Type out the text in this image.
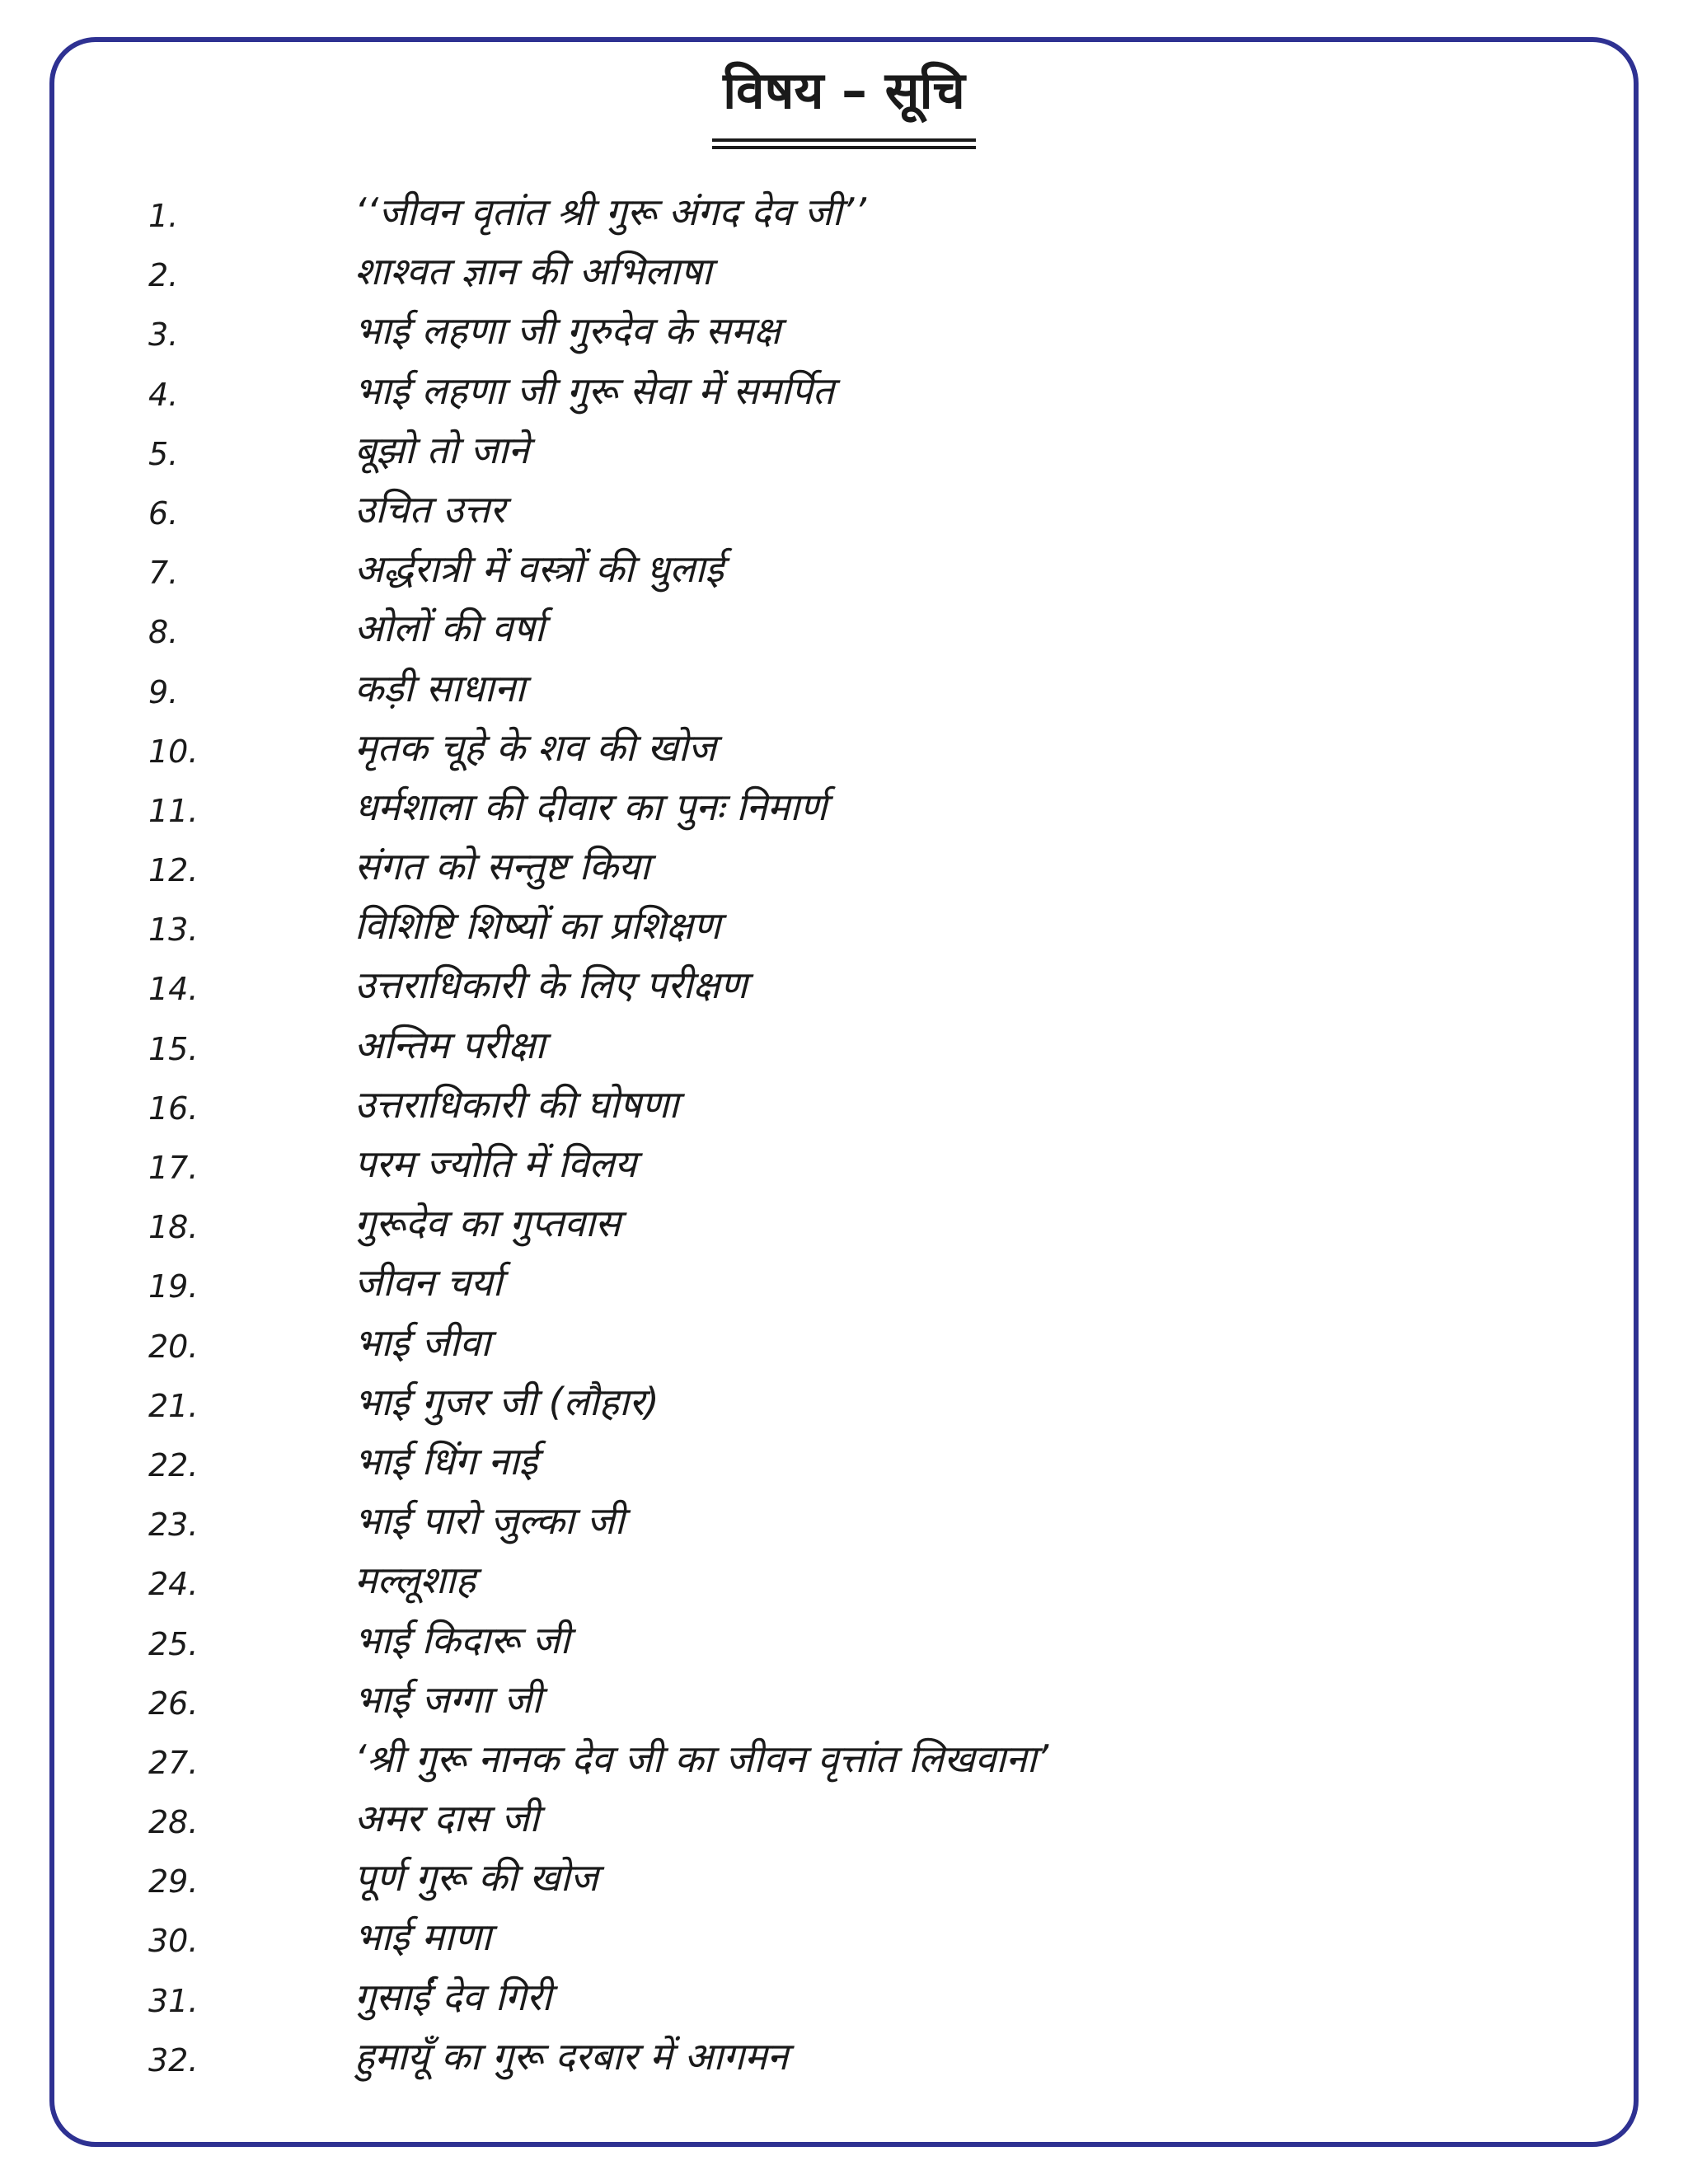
विषय – सूचि
1.	‘‘जीवन वृतांत श्री गुरू अंगद देव जी’’
2.	शाश्वत ज्ञान की अभिलाषा
3.	भाई लहणा जी गुरुदेव के समक्ष
4.	भाई लहणा जी गुरू सेवा में समर्पित
5.	बूझो तो जाने
6.	उचित उत्तर
7.	अर्द्धरात्री में वस्त्रों की धुलाई
8.	ओलों की वर्षा
9.	कड़ी साधाना
10.	मृतक चूहे के शव की खोज
11.	धर्मशाला की दीवार का पुनः निमार्ण
12.	संगत को सन्तुष्ट किया
13.	विशिष्टि शिष्यों का प्रशिक्षण
14.	उत्तराधिकारी के लिए परीक्षण
15.	अन्तिम परीक्षा
16.	उत्तराधिकारी की घोषणा
17.	परम ज्योति में विलय
18.	गुरूदेव का गुप्तवास
19.	जीवन चर्या
20.	भाई जीवा
21.	भाई गुजर जी (लौहार)
22.	भाई धिंग नाई
23.	भाई पारो जुल्का जी
24.	मल्लूशाह
25.	भाई किदारू जी
26.	भाई जग्गा जी
27.	‘श्री गुरू नानक देव जी का जीवन वृत्तांत लिखवाना’
28.	अमर दास जी
29.	पूर्ण गुरू की खोज
30.	भाई माणा
31.	गुसाईं देव गिरी
32.	हुमायूँ का गुरू दरबार में आगमन
